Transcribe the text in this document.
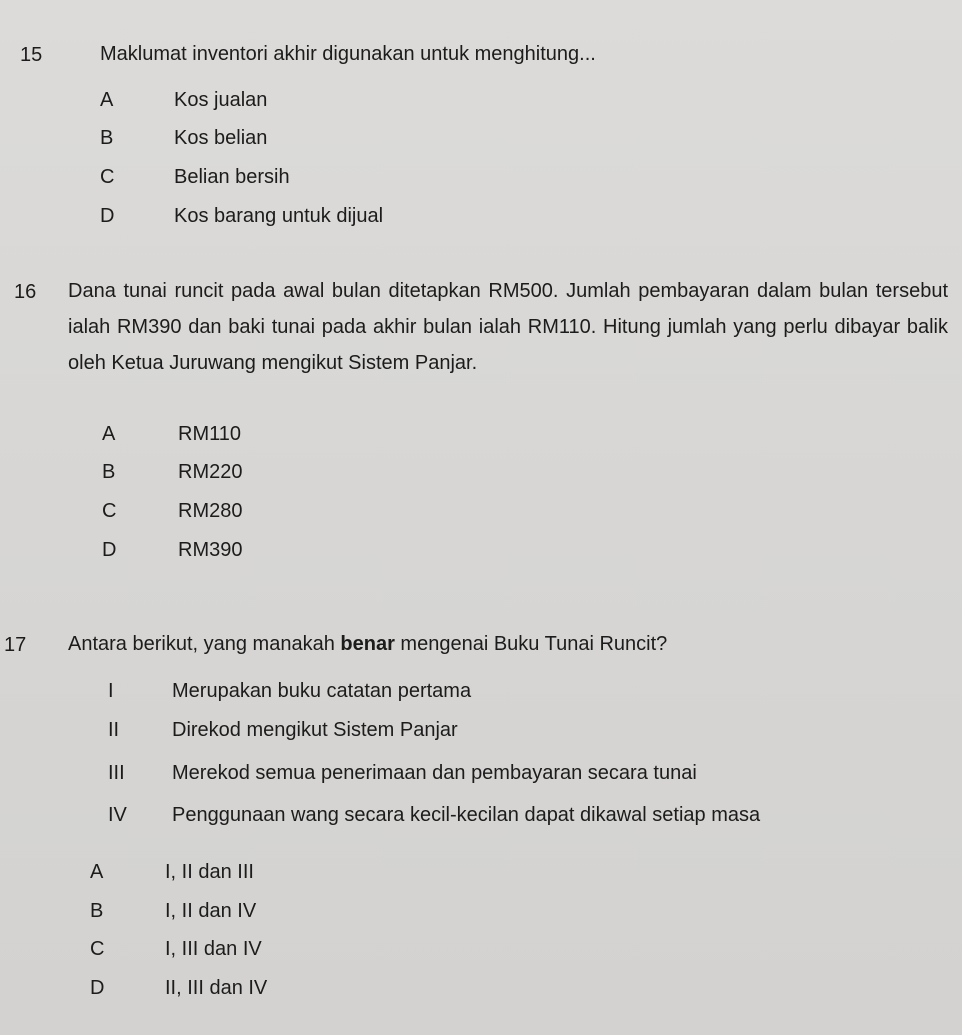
15	Maklumat inventori akhir digunakan untuk menghitung...
A	Kos jualan
B	Kos belian
C	Belian bersih
D	Kos barang untuk dijual
16 Dana tunai runcit pada awal bulan ditetapkan RM500. Jumlah pembayaran dalam bulan tersebut ialah RM390 dan baki tunai pada akhir bulan ialah RM110. Hitung jumlah yang perlu dibayar balik oleh Ketua Juruwang mengikut Sistem Panjar.
A	RM110
B	RM220
C	RM280
D	RM390
17 Antara berikut, yang manakah benar mengenai Buku Tunai Runcit?
I	Merupakan buku catatan pertama
II	Direkod mengikut Sistem Panjar
III Merekod semua penerimaan dan pembayaran secara tunai
IV Penggunaan wang secara kecil-kecilan dapat dikawal setiap masa
A	I, II dan III
B	I, II dan IV
C	I, III dan IV
D	II, III dan IV
